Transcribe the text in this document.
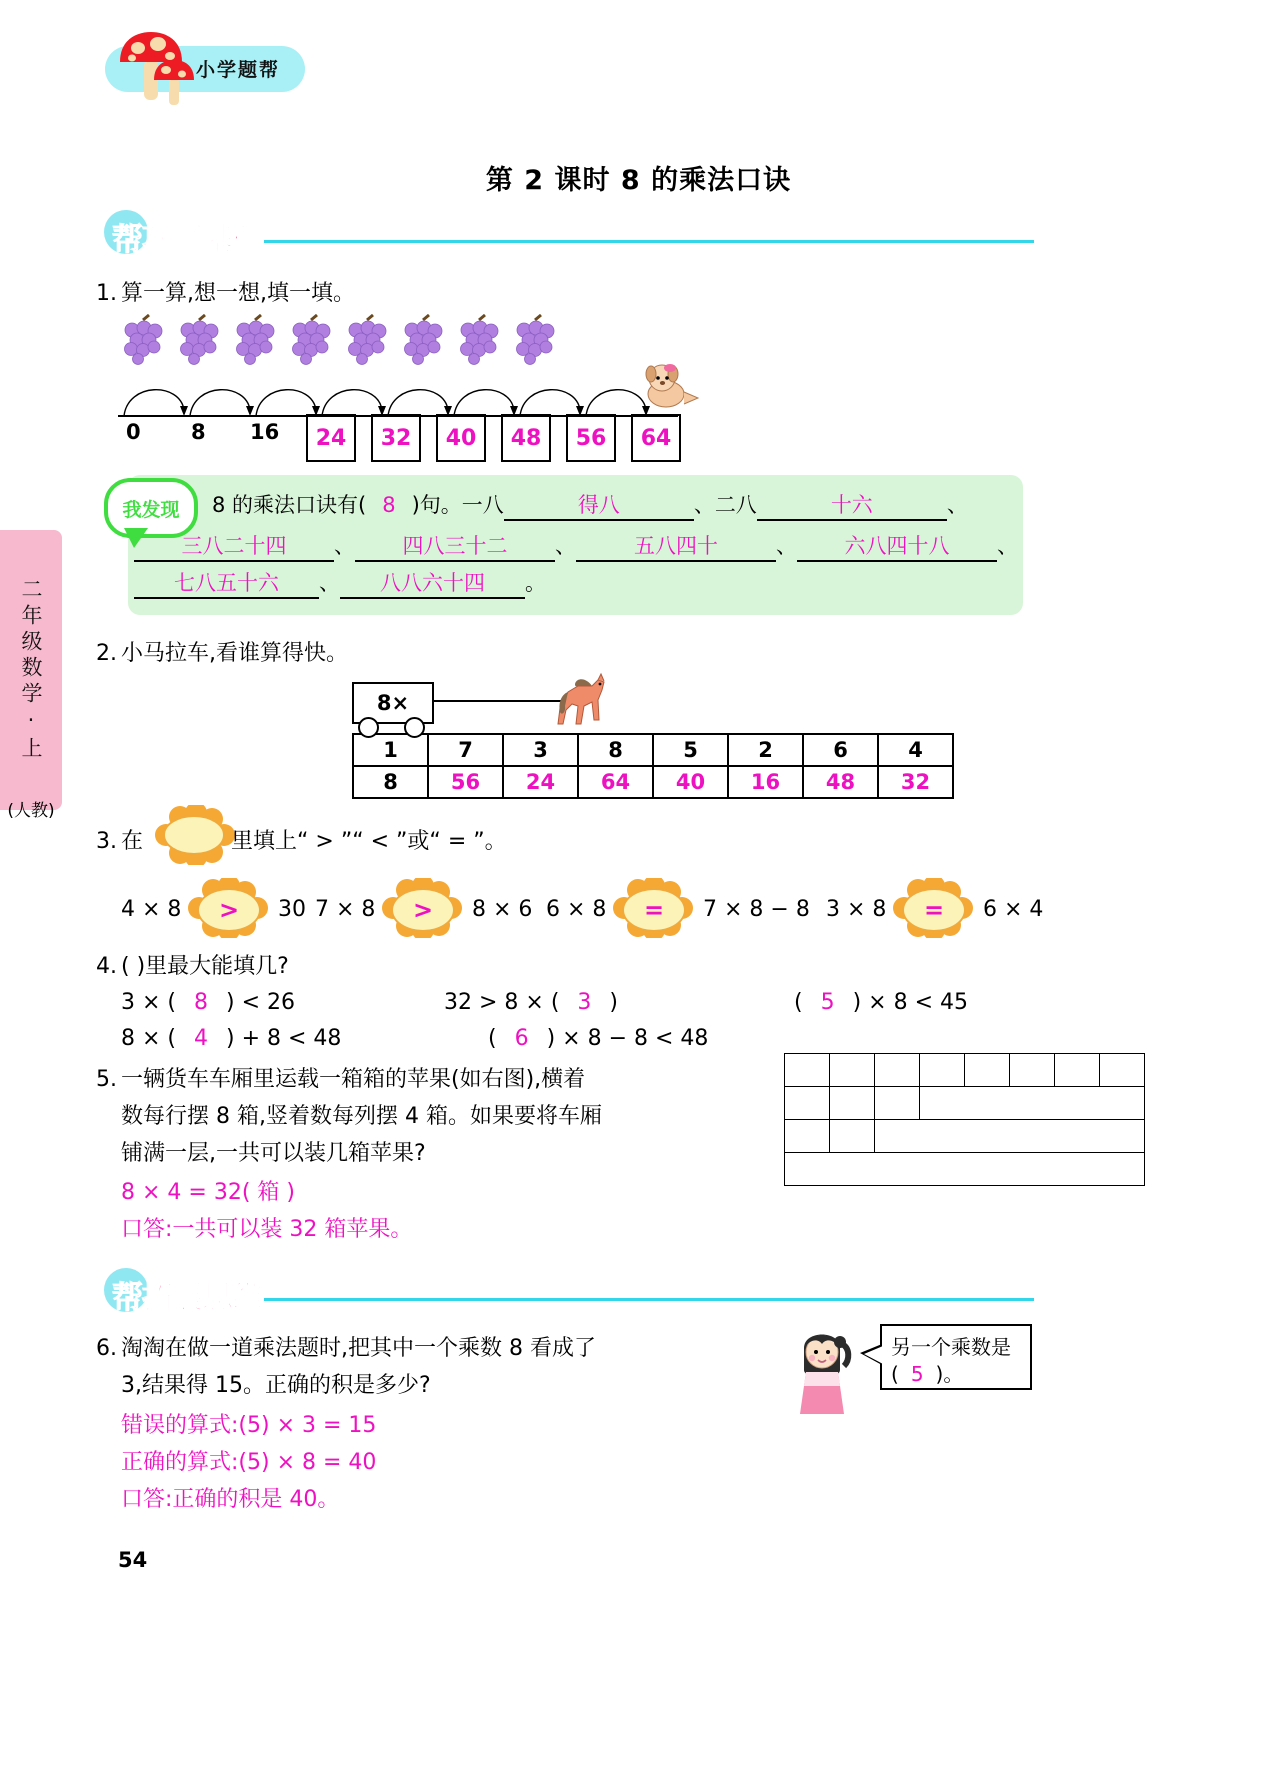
小学题帮
二年级数学·上
(人教)
第 2 课时 8 的乘法口诀
帮巩固基础
1. 算一算,想一想,填一填。
0 8 16	24	32	40	48	56	64
我发现 8 的乘法口诀有( 8 )句。一八	得八	、二八	十六	、
三八二十四 、 四八三十二 、	五八四十	、 六八四十八 、
七八五十六 、 八八六十四 。
2. 小马拉车,看谁算得快。
8×
1	7	3	8	5	2	6	4
8	56	24	64	40	16	48	32
3. 在	里填上“ > ”“ < ”或“ = ”。
4 × 8	>	30 7 × 8	>	8 × 6 6 × 8	=	7 × 8 − 8 3 × 8	=	6 × 4
4. ( )里最大能填几?
3 × ( 8 ) < 26	32 > 8 × ( 3 )	( 5 ) × 8 < 45
8 × ( 4 ) + 8 < 48	( 6 ) × 8 − 8 < 48
5. 一辆货车车厢里运载一箱箱的苹果(如右图),横着
数每行摆 8 箱,竖着数每列摆 4 箱。如果要将车厢
铺满一层,一共可以装几箱苹果?
8 × 4 = 32( 箱 )
口答:一共可以装 32 箱苹果。

帮拓展思维
6. 淘淘在做一道乘法题时,把其中一个乘数 8 看成了
3,结果得 15。正确的积是多少?
错误的算式:(5) × 3 = 15
正确的算式:(5) × 8 = 40
口答:正确的积是 40。
另一个乘数是
( 5 )。
54
